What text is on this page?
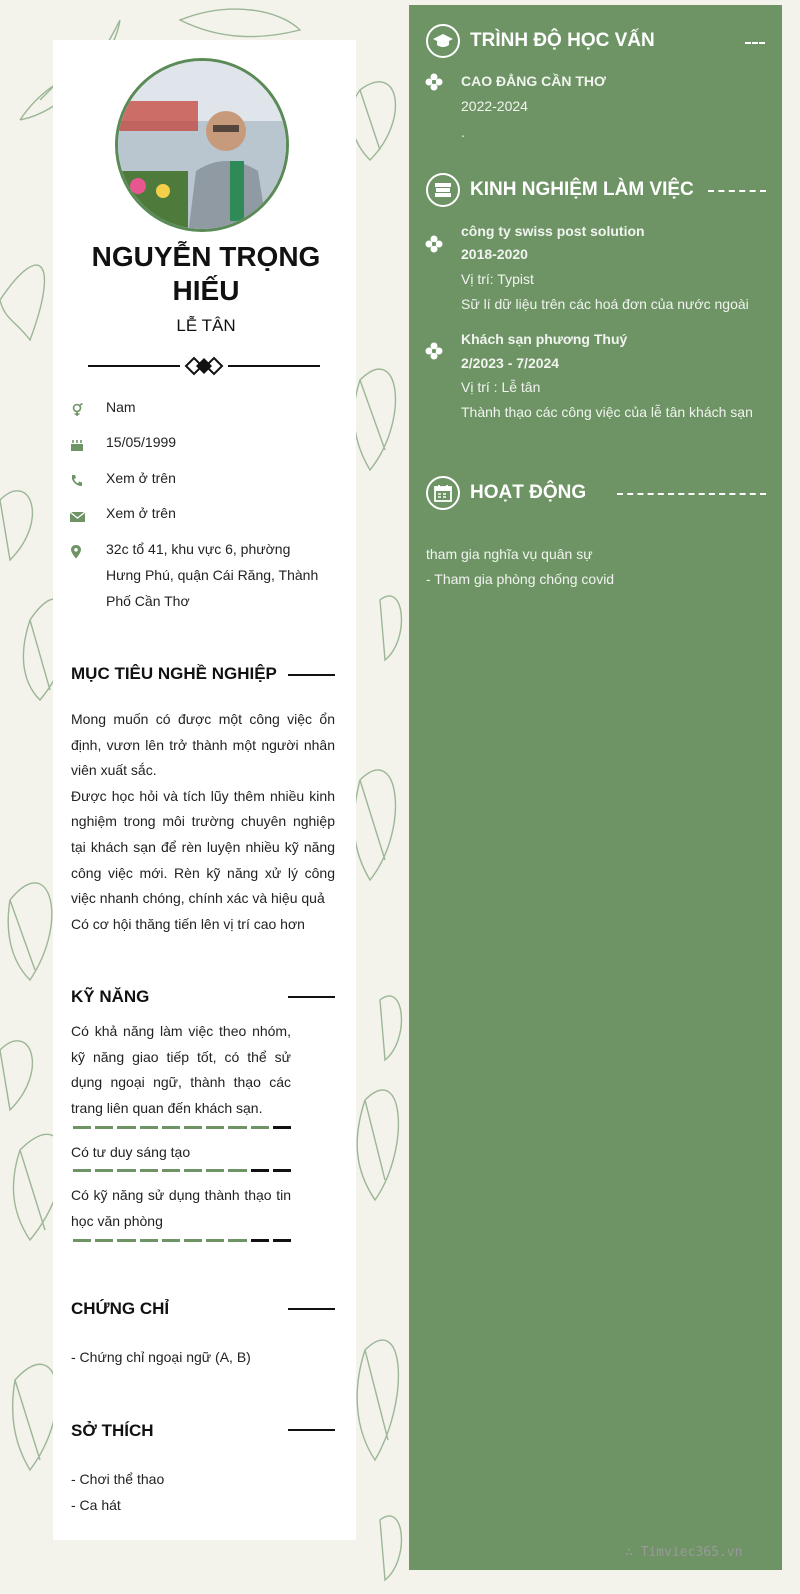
NGUYỄN TRỌNG HIẾU
LỄ TÂN
Nam
15/05/1999
Xem ở trên
Xem ở trên
32c tổ 41, khu vực 6, phường Hưng Phú, quận Cái Răng, Thành Phố Cần Thơ
MỤC TIÊU NGHỀ NGHIỆP
Mong muốn có được một công việc ổn định, vươn lên trở thành một người nhân viên xuất sắc.
Được học hỏi và tích lũy thêm nhiều kinh nghiệm trong môi trường chuyên nghiệp tại khách sạn để rèn luyện nhiều kỹ năng công việc mới. Rèn kỹ năng xử lý công việc nhanh chóng, chính xác và hiệu quả
Có cơ hội thăng tiến lên vị trí cao hơn
KỸ NĂNG
Có khả năng làm việc theo nhóm, kỹ năng giao tiếp tốt, có thể sử dụng ngoại ngữ, thành thạo các trang liên quan đến khách sạn.
Có tư duy sáng tạo
Có kỹ năng sử dụng thành thạo tin học văn phòng
CHỨNG CHỈ
- Chứng chỉ ngoại ngữ (A, B)
SỞ THÍCH
- Chơi thể thao
- Ca hát
TRÌNH ĐỘ HỌC VẤN
CAO ĐẲNG CẦN THƠ
2022-2024
.
KINH NGHIỆM LÀM VIỆC
công ty swiss post solution
2018-2020
Vị trí: Typist
Sữ lí dữ liệu trên các hoá đơn của nước ngoài
Khách sạn phương Thuý
2/2023 - 7/2024
Vị trí : Lễ tân
Thành thạo các công việc của lễ tân khách sạn
HOẠT ĐỘNG
tham gia nghĩa vụ quân sự
- Tham gia phòng chống covid
∴ Timviec365.vn
